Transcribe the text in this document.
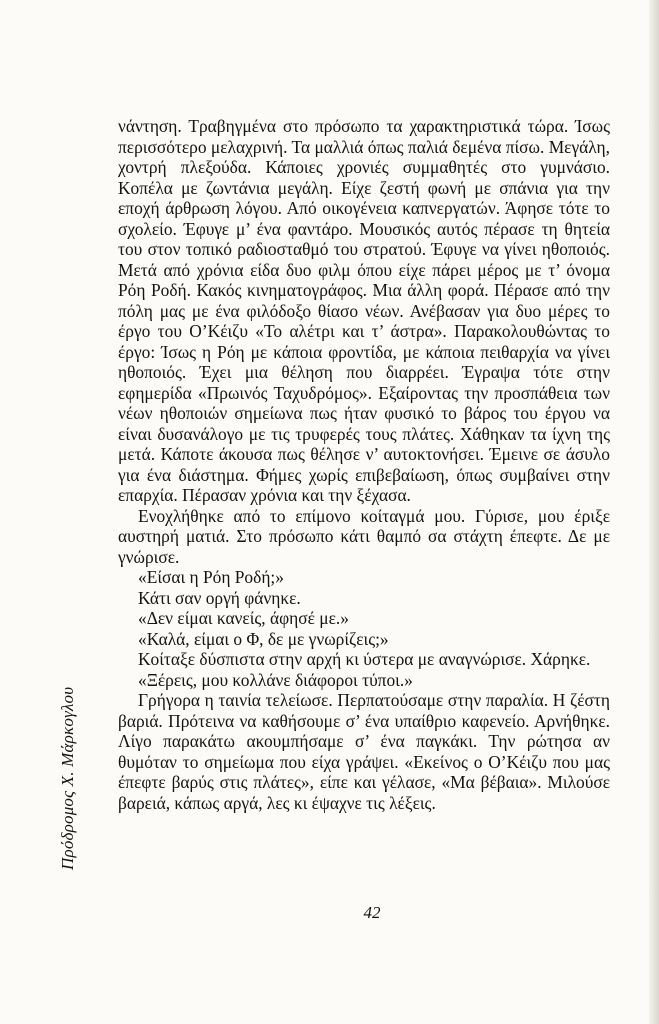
Πρόδρομος Χ. Μάρκογλου

νάντηση. Τραβηγμένα στο πρόσωπο τα χαρακτηριστικά τώρα. Ίσως περισσότερο μελαχρινή. Τα μαλλιά όπως παλιά δεμένα πίσω. Μεγάλη, χοντρή πλεξούδα. Κάποιες χρονιές συμμαθητές στο γυμνάσιο. Κοπέλα με ζωντάνια μεγάλη. Είχε ζεστή φωνή με σπάνια για την εποχή άρθρωση λόγου. Από οικογένεια καπνεργατών. Άφησε τότε το σχολείο. Έφυγε μ’ ένα φαντάρο. Μουσικός αυτός πέρασε τη θητεία του στον τοπικό ραδιοσταθμό του στρατού. Έφυγε να γίνει ηθοποιός. Μετά από χρόνια είδα δυο φιλμ όπου είχε πάρει μέρος με τ’ όνομα Ρόη Ροδή. Κακός κινηματογράφος. Μια άλλη φορά. Πέρασε από την πόλη μας με ένα φιλόδοξο θίασο νέων. Ανέβασαν για δυο μέρες το έργο του Ο’Κέιζυ «Το αλέτρι και τ’ άστρα». Παρακολουθώντας το έργο: Ίσως η Ρόη με κάποια φροντίδα, με κάποια πειθαρχία να γίνει ηθοποιός. Έχει μια θέληση που διαρρέει. Έγραψα τότε στην εφημερίδα «Πρωινός Ταχυδρόμος». Εξαίροντας την προσπάθεια των νέων ηθοποιών σημείωνα πως ήταν φυσικό το βάρος του έργου να είναι δυσανάλογο με τις τρυφερές τους πλάτες. Χάθηκαν τα ίχνη της μετά. Κάποτε άκουσα πως θέλησε ν’ αυτοκτονήσει. Έμεινε σε άσυλο για ένα διάστημα. Φήμες χωρίς επιβεβαίωση, όπως συμβαίνει στην επαρχία. Πέρασαν χρόνια και την ξέχασα.

Ενοχλήθηκε από το επίμονο κοίταγμά μου. Γύρισε, μου έριξε αυστηρή ματιά. Στο πρόσωπο κάτι θαμπό σα στάχτη έπεφτε. Δε με γνώρισε.

«Είσαι η Ρόη Ροδή;»

Κάτι σαν οργή φάνηκε.

«Δεν είμαι κανείς, άφησέ με.»

«Καλά, είμαι ο Φ, δε με γνωρίζεις;»

Κοίταξε δύσπιστα στην αρχή κι ύστερα με αναγνώρισε. Χάρηκε.

«Ξέρεις, μου κολλάνε διάφοροι τύποι.»

Γρήγορα η ταινία τελείωσε. Περπατούσαμε στην παραλία. Η ζέστη βαριά. Πρότεινα να καθήσουμε σ’ ένα υπαίθριο καφενείο. Αρνήθηκε. Λίγο παρακάτω ακουμπήσαμε σ’ ένα παγκάκι. Την ρώτησα αν θυμόταν το σημείωμα που είχα γράψει. «Εκείνος ο Ο’Κέιζυ που μας έπεφτε βαρύς στις πλάτες», είπε και γέλασε, «Μα βέβαια». Μιλούσε βαρειά, κάπως αργά, λες κι έψαχνε τις λέξεις.

42
